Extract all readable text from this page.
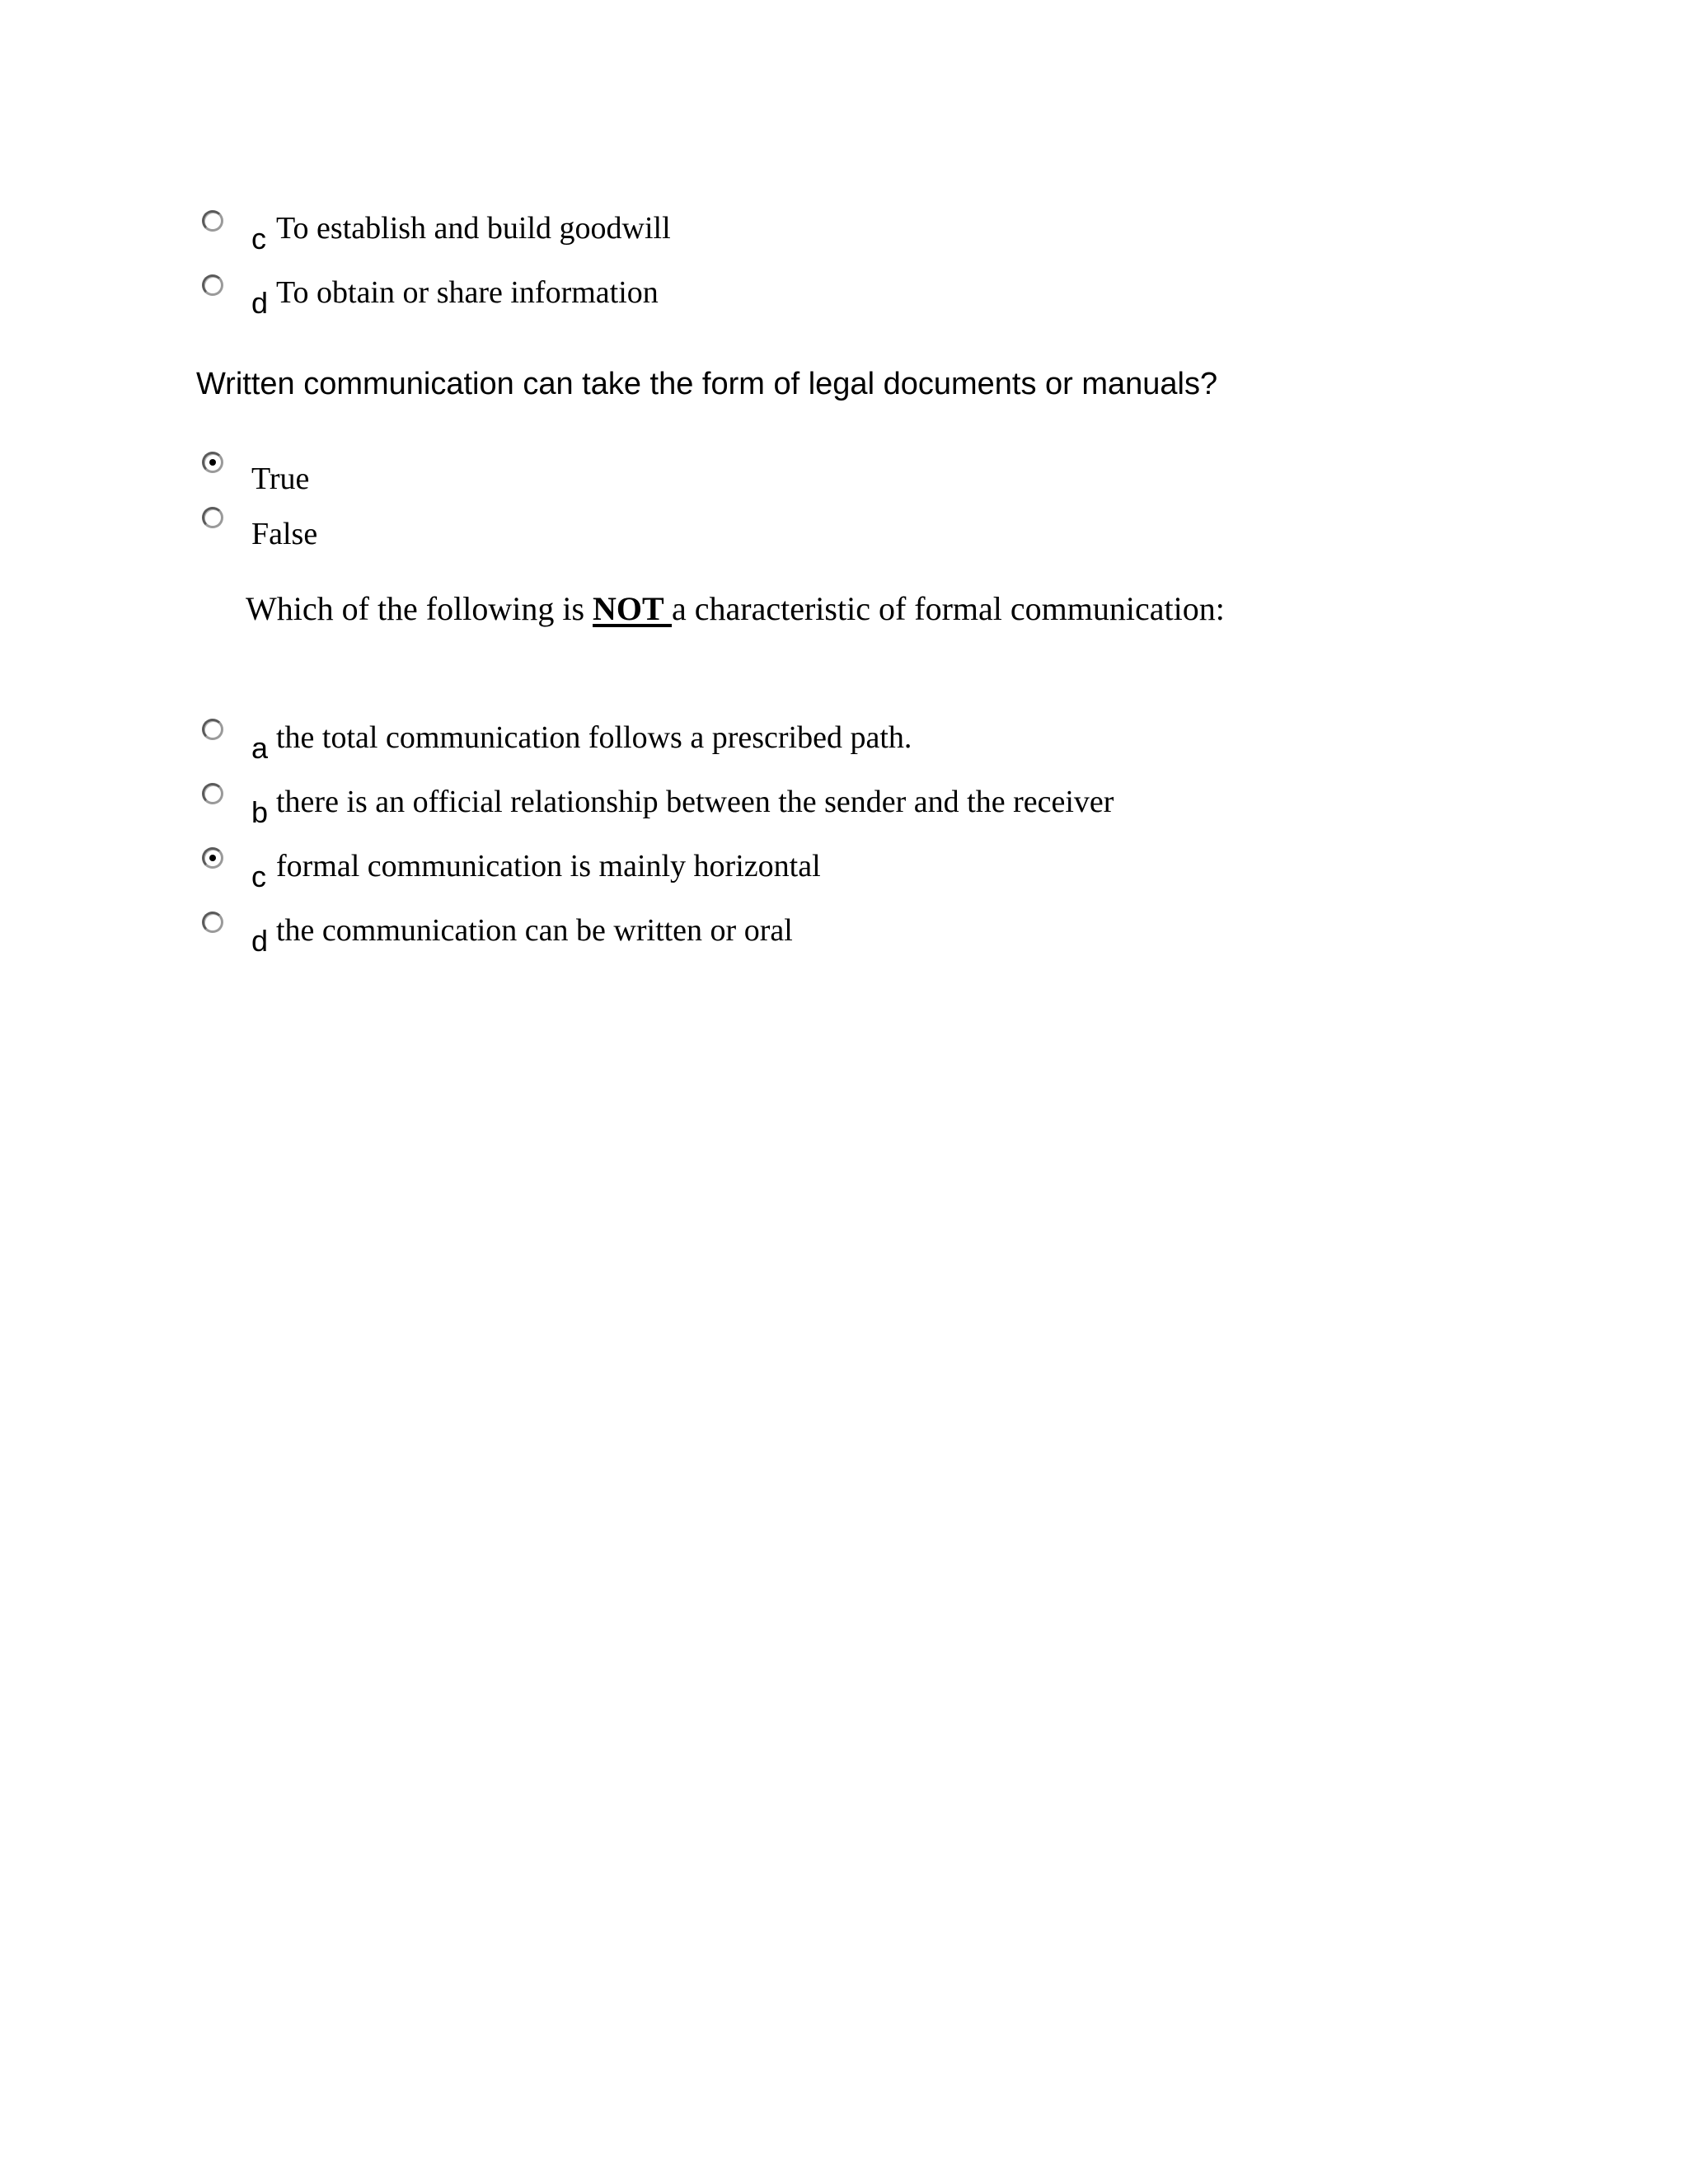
c To establish and build goodwill
d To obtain or share information
Written communication can take the form of legal documents or manuals?
True
False
Which of the following is NOT a characteristic of formal communication:
a the total communication follows a prescribed path.
b there is an official relationship between the sender and the receiver
c formal communication is mainly horizontal
d the communication can be written or oral
